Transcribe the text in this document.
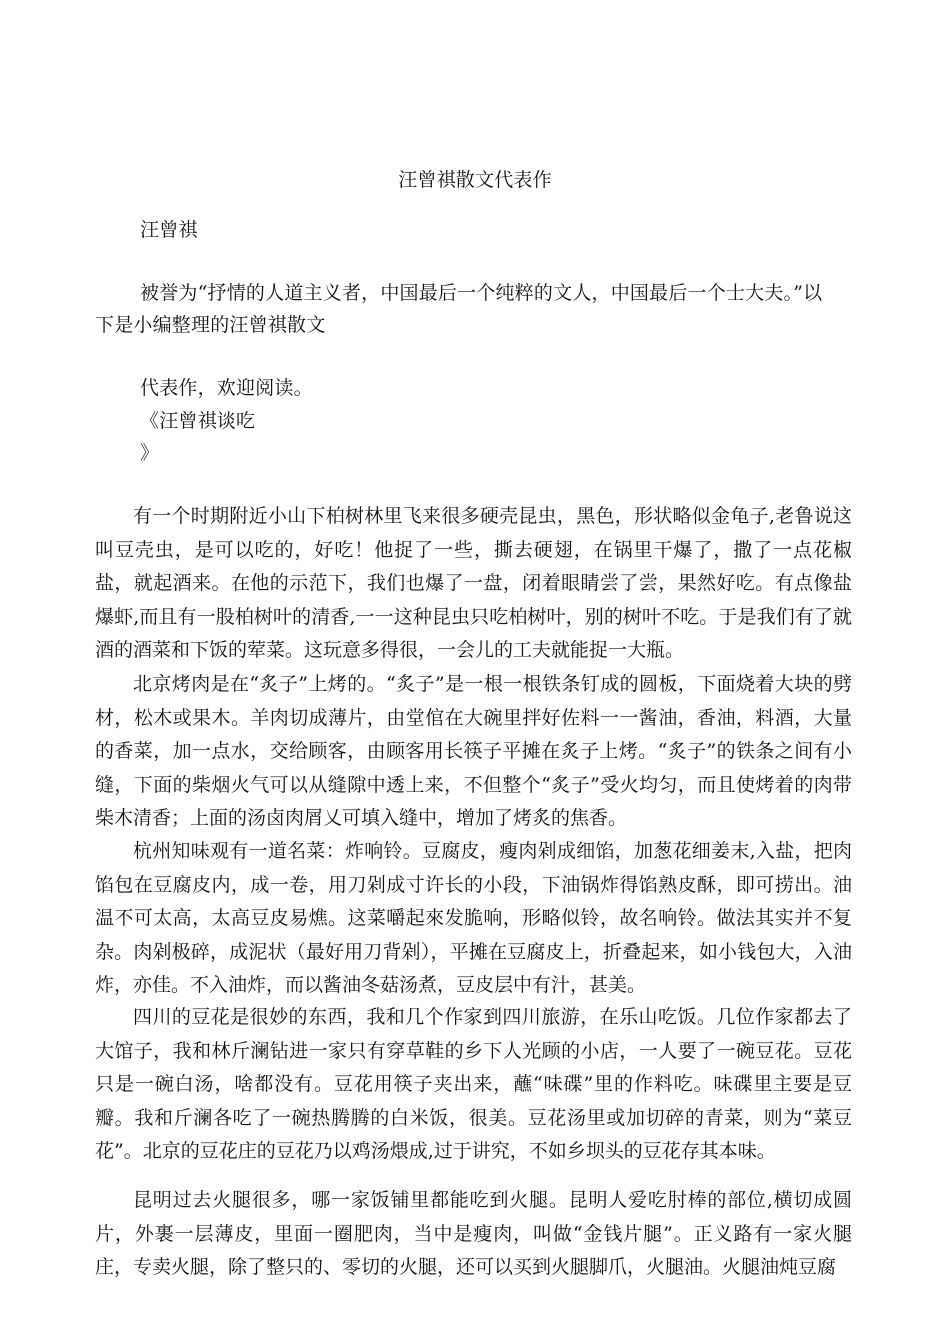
汪曾祺散文代表作
汪曾祺
被誉为“抒情的人道主义者，中国最后一个纯粹的文人，中国最后一个士大夫。”以
下是小编整理的汪曾祺散文
代表作，欢迎阅读。
《汪曾祺谈吃
》
有一个时期附近小山下柏树林里飞来很多硬壳昆虫，黑色，形状略似金龟子,老鲁说这叫豆壳虫，是可以吃的，好吃！他捉了一些，撕去硬翅，在锅里干爆了，撒了一点花椒盐，就起酒来。在他的示范下，我们也爆了一盘，闭着眼睛尝了尝，果然好吃。有点像盐爆虾,而且有一股柏树叶的清香,一一这种昆虫只吃柏树叶，别的树叶不吃。于是我们有了就酒的酒菜和下饭的荤菜。这玩意多得很，一会儿的工夫就能捉一大瓶。
北京烤肉是在“炙子”上烤的。“炙子”是一根一根铁条钉成的圆板，下面烧着大块的劈材，松木或果木。羊肉切成薄片，由堂倌在大碗里拌好佐料一一酱油，香油，料酒，大量的香菜，加一点水，交给顾客，由顾客用长筷子平摊在炙子上烤。“炙子”的铁条之间有小缝，下面的柴烟火气可以从缝隙中透上来，不但整个“炙子”受火均匀，而且使烤着的肉带柴木清香；上面的汤卤肉屑乂可填入缝中，增加了烤炙的焦香。
杭州知味观有一道名菜：炸响铃。豆腐皮，瘦肉剁成细馅，加葱花细姜末,入盐，把肉馅包在豆腐皮内，成一卷，用刀剁成寸许长的小段，下油锅炸得馅熟皮酥，即可捞出。油温不可太高，太高豆皮易燋。这菜嚼起來发脆响，形略似铃，故名响铃。做法其实并不复杂。肉剁极碎，成泥状（最好用刀背剁），平摊在豆腐皮上，折叠起来，如小钱包大，入油炸，亦佳。不入油炸，而以酱油冬菇汤煮，豆皮层中有汁，甚美。
四川的豆花是很妙的东西，我和几个作家到四川旅游，在乐山吃饭。几位作家都去了大馆子，我和林斤澜钻进一家只有穿草鞋的乡下人光顾的小店，一人要了一碗豆花。豆花只是一碗白汤，啥都没有。豆花用筷子夹出来，蘸“味碟”里的作料吃。味碟里主要是豆瓣。我和斤澜各吃了一碗热腾腾的白米饭，很美。豆花汤里或加切碎的青菜，则为“菜豆花”。北京的豆花庄的豆花乃以鸡汤煨成,过于讲究，不如乡坝头的豆花存其本味。
昆明过去火腿很多，哪一家饭铺里都能吃到火腿。昆明人爱吃肘棒的部位,横切成圆片，外裹一层薄皮，里面一圈肥肉，当中是瘦肉，叫做“金钱片腿”。正义路有一家火腿庄，专卖火腿，除了整只的、零切的火腿，还可以买到火腿脚爪，火腿油。火腿油炖豆腐
